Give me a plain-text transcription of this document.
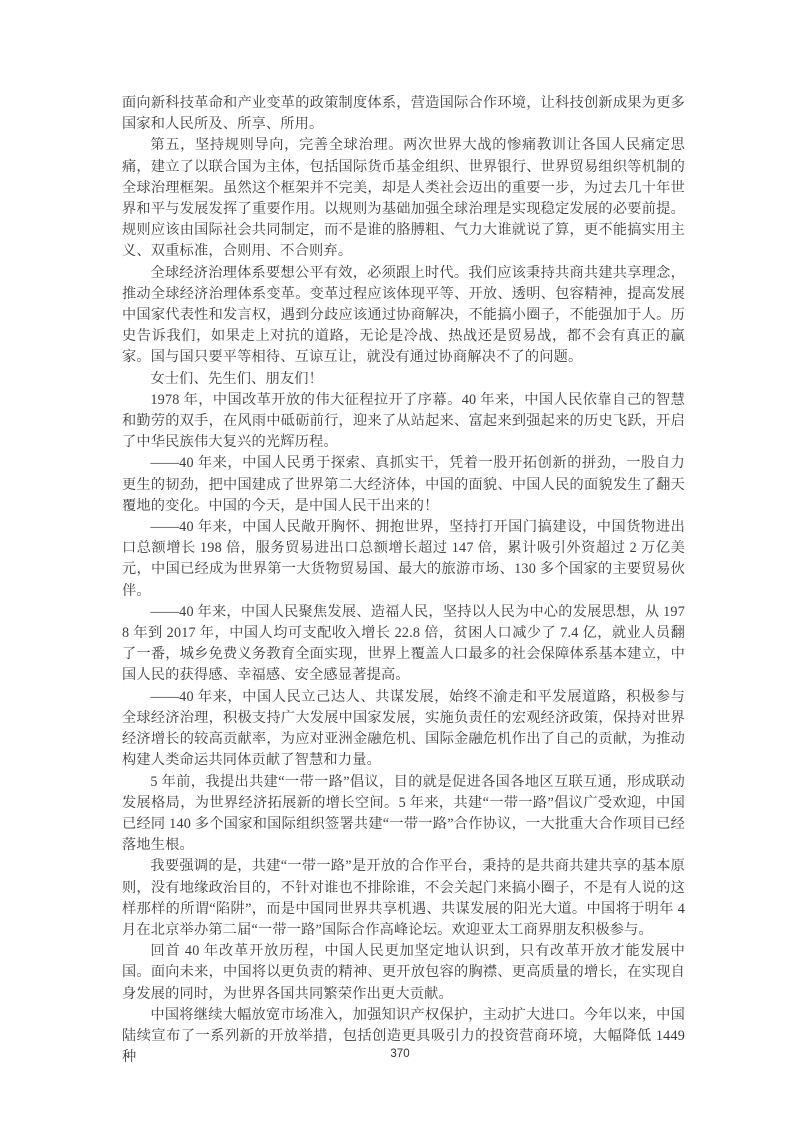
面向新科技革命和产业变革的政策制度体系，营造国际合作环境，让科技创新成果为更多国家和人民所及、所享、所用。

第五，坚持规则导向，完善全球治理。两次世界大战的惨痛教训让各国人民痛定思痛，建立了以联合国为主体，包括国际货币基金组织、世界银行、世界贸易组织等机制的全球治理框架。虽然这个框架并不完美，却是人类社会迈出的重要一步，为过去几十年世界和平与发展发挥了重要作用。以规则为基础加强全球治理是实现稳定发展的必要前提。规则应该由国际社会共同制定，而不是谁的胳膊粗、气力大谁就说了算，更不能搞实用主义、双重标准，合则用、不合则弃。

全球经济治理体系要想公平有效，必须跟上时代。我们应该秉持共商共建共享理念，推动全球经济治理体系变革。变革过程应该体现平等、开放、透明、包容精神，提高发展中国家代表性和发言权，遇到分歧应该通过协商解决，不能搞小圈子，不能强加于人。历史告诉我们，如果走上对抗的道路，无论是冷战、热战还是贸易战，都不会有真正的赢家。国与国只要平等相待、互谅互让，就没有通过协商解决不了的问题。

女士们、先生们、朋友们！

1978 年，中国改革开放的伟大征程拉开了序幕。40 年来，中国人民依靠自己的智慧和勤劳的双手，在风雨中砥砺前行，迎来了从站起来、富起来到强起来的历史飞跃，开启了中华民族伟大复兴的光辉历程。

——40 年来，中国人民勇于探索、真抓实干，凭着一股开拓创新的拼劲，一股自力更生的韧劲，把中国建成了世界第二大经济体，中国的面貌、中国人民的面貌发生了翻天覆地的变化。中国的今天，是中国人民干出来的！

——40 年来，中国人民敞开胸怀、拥抱世界，坚持打开国门搞建设，中国货物进出口总额增长 198 倍，服务贸易进出口总额增长超过 147 倍，累计吸引外资超过 2 万亿美元，中国已经成为世界第一大货物贸易国、最大的旅游市场、130 多个国家的主要贸易伙伴。

——40 年来，中国人民聚焦发展、造福人民，坚持以人民为中心的发展思想，从 1978 年到 2017 年，中国人均可支配收入增长 22.8 倍，贫困人口减少了 7.4 亿，就业人员翻了一番，城乡免费义务教育全面实现，世界上覆盖人口最多的社会保障体系基本建立，中国人民的获得感、幸福感、安全感显著提高。

——40 年来，中国人民立己达人、共谋发展，始终不渝走和平发展道路，积极参与全球经济治理，积极支持广大发展中国家发展，实施负责任的宏观经济政策，保持对世界经济增长的较高贡献率，为应对亚洲金融危机、国际金融危机作出了自己的贡献，为推动构建人类命运共同体贡献了智慧和力量。

5 年前，我提出共建“一带一路”倡议，目的就是促进各国各地区互联互通，形成联动发展格局，为世界经济拓展新的增长空间。5 年来，共建“一带一路”倡议广受欢迎，中国已经同 140 多个国家和国际组织签署共建“一带一路”合作协议，一大批重大合作项目已经落地生根。

我要强调的是，共建“一带一路”是开放的合作平台，秉持的是共商共建共享的基本原则，没有地缘政治目的，不针对谁也不排除谁，不会关起门来搞小圈子，不是有人说的这样那样的所谓“陷阱”，而是中国同世界共享机遇、共谋发展的阳光大道。中国将于明年 4 月在北京举办第二届“一带一路”国际合作高峰论坛。欢迎亚太工商界朋友积极参与。

回首 40 年改革开放历程，中国人民更加坚定地认识到，只有改革开放才能发展中国。面向未来，中国将以更负责的精神、更开放包容的胸襟、更高质量的增长，在实现自身发展的同时，为世界各国共同繁荣作出更大贡献。

中国将继续大幅放宽市场准入，加强知识产权保护，主动扩大进口。今年以来，中国陆续宣布了一系列新的开放举措，包括创造更具吸引力的投资营商环境，大幅降低 1449 种	370
